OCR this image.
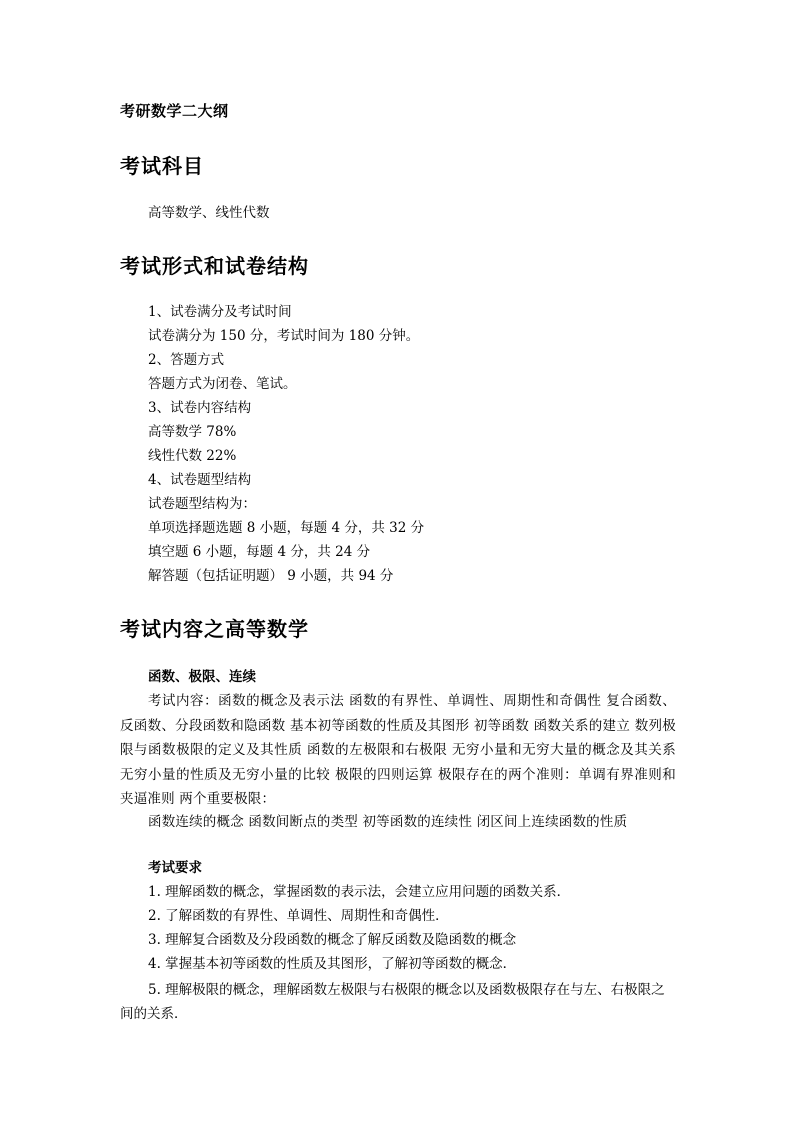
考研数学二大纲
考试科目
高等数学、线性代数
考试形式和试卷结构
1、试卷满分及考试时间
试卷满分为 150 分，考试时间为 180 分钟。
2、答题方式
答题方式为闭卷、笔试。
3、试卷内容结构
高等数学 78%
线性代数 22%
4、试卷题型结构
试卷题型结构为：
单项选择题选题 8 小题，每题 4 分，共 32 分
填空题 6 小题，每题 4 分，共 24 分
解答题（包括证明题） 9 小题，共 94 分
考试内容之高等数学
函数、极限、连续
考试内容：函数的概念及表示法 函数的有界性、单调性、周期性和奇偶性 复合函数、反函数、分段函数和隐函数 基本初等函数的性质及其图形 初等函数 函数关系的建立 数列极限与函数极限的定义及其性质 函数的左极限和右极限 无穷小量和无穷大量的概念及其关系 无穷小量的性质及无穷小量的比较 极限的四则运算 极限存在的两个准则：单调有界准则和夹逼准则 两个重要极限：
函数连续的概念 函数间断点的类型 初等函数的连续性 闭区间上连续函数的性质
考试要求
1. 理解函数的概念，掌握函数的表示法，会建立应用问题的函数关系．
2. 了解函数的有界性、单调性、周期性和奇偶性．
3. 理解复合函数及分段函数的概念了解反函数及隐函数的概念
4. 掌握基本初等函数的性质及其图形，了解初等函数的概念．
5. 理解极限的概念，理解函数左极限与右极限的概念以及函数极限存在与左、右极限之间的关系．
